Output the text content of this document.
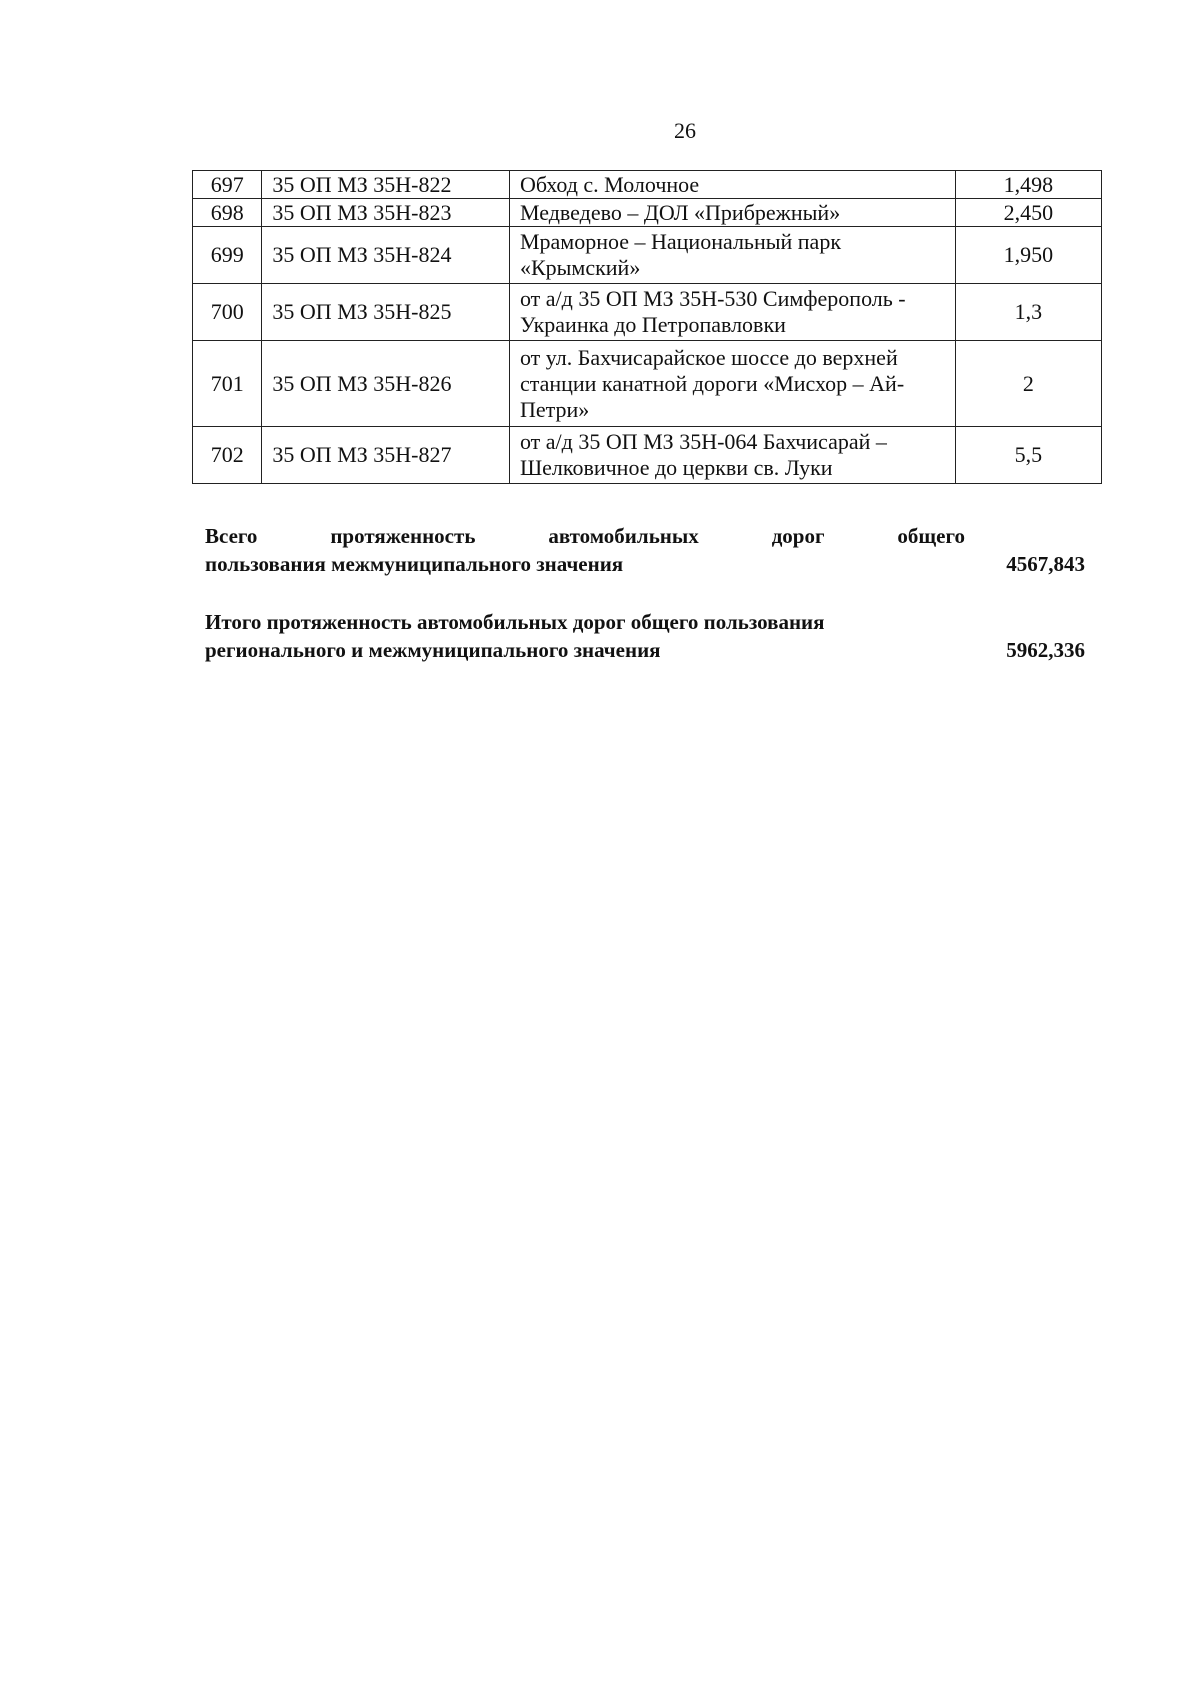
26
697	35 ОП МЗ 35Н-822	Обход с. Молочное	1,498
698	35 ОП МЗ 35Н-823	Медведево – ДОЛ «Прибрежный»	2,450
699	35 ОП МЗ 35Н-824	Мраморное – Национальный парк «Крымский»	1,950
700	35 ОП МЗ 35Н-825	от а/д 35 ОП МЗ 35Н-530 Симферополь - Украинка до Петропавловки	1,3
701	35 ОП МЗ 35Н-826	от ул. Бахчисарайское шоссе до верхней станции канатной дороги «Мисхор – Ай-Петри»	2
702	35 ОП МЗ 35Н-827	от а/д 35 ОП МЗ 35Н-064 Бахчисарай – Шелковичное до церкви св. Луки	5,5
Всего	протяженность	автомобильных	дорог	общего
пользования межмуниципального значения	4567,843
Итого протяженность автомобильных дорог общего пользования
регионального и межмуниципального значения	5962,336
